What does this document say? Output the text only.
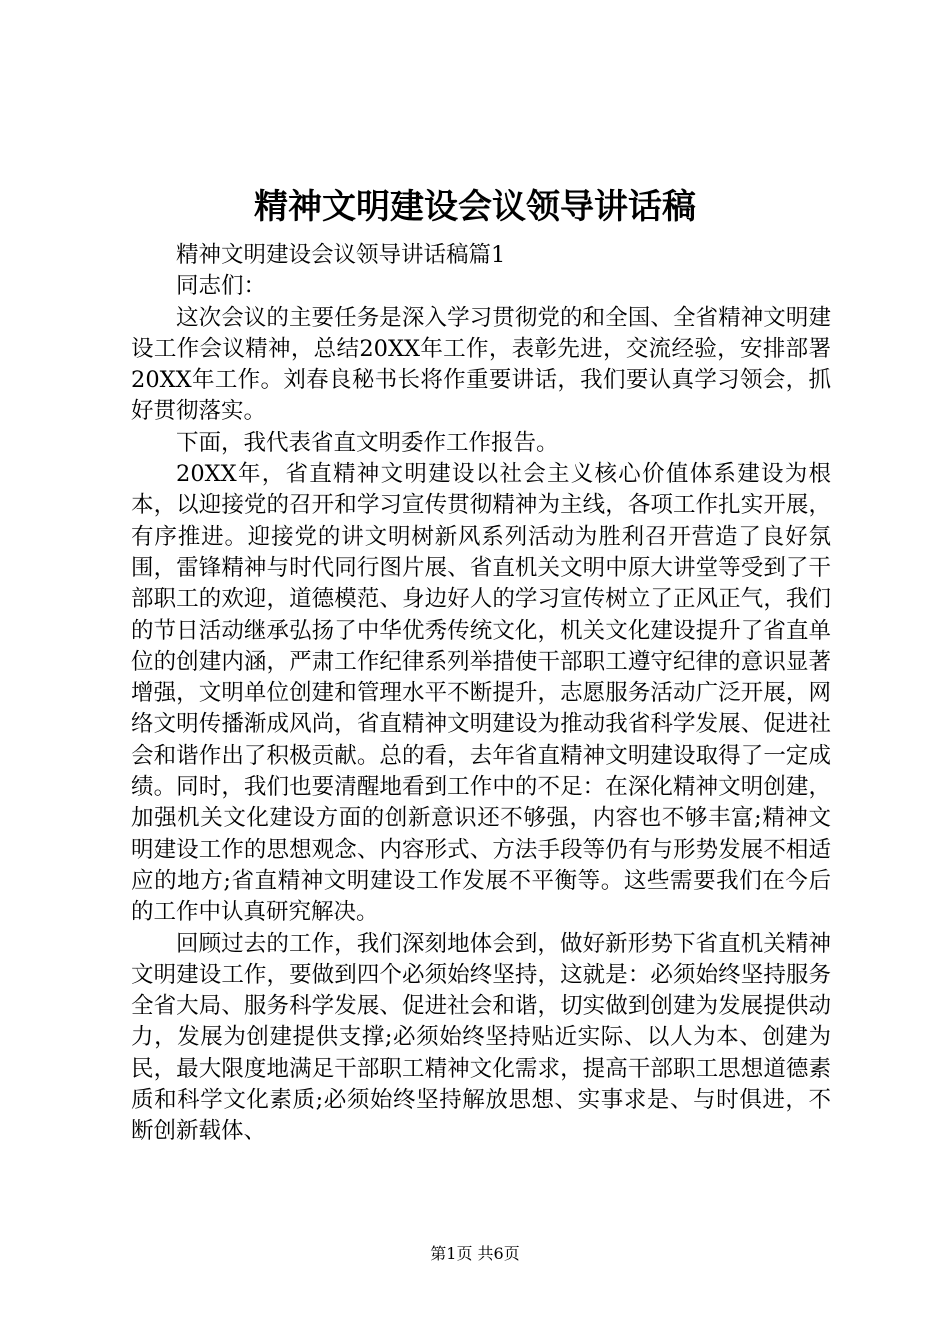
精神文明建设会议领导讲话稿

精神文明建设会议领导讲话稿篇1

同志们：

这次会议的主要任务是深入学习贯彻党的和全国、全省精神文明建设工作会议精神，总结20XX年工作，表彰先进，交流经验，安排部署20XX年工作。刘春良秘书长将作重要讲话，我们要认真学习领会，抓好贯彻落实。

下面，我代表省直文明委作工作报告。

20XX年，省直精神文明建设以社会主义核心价值体系建设为根本，以迎接党的召开和学习宣传贯彻精神为主线，各项工作扎实开展，有序推进。迎接党的讲文明树新风系列活动为胜利召开营造了良好氛围，雷锋精神与时代同行图片展、省直机关文明中原大讲堂等受到了干部职工的欢迎，道德模范、身边好人的学习宣传树立了正风正气，我们的节日活动继承弘扬了中华优秀传统文化，机关文化建设提升了省直单位的创建内涵，严肃工作纪律系列举措使干部职工遵守纪律的意识显著增强，文明单位创建和管理水平不断提升，志愿服务活动广泛开展，网络文明传播渐成风尚，省直精神文明建设为推动我省科学发展、促进社会和谐作出了积极贡献。总的看，去年省直精神文明建设取得了一定成绩。同时，我们也要清醒地看到工作中的不足：在深化精神文明创建，加强机关文化建设方面的创新意识还不够强，内容也不够丰富;精神文明建设工作的思想观念、内容形式、方法手段等仍有与形势发展不相适应的地方;省直精神文明建设工作发展不平衡等。这些需要我们在今后的工作中认真研究解决。

回顾过去的工作，我们深刻地体会到，做好新形势下省直机关精神文明建设工作，要做到四个必须始终坚持，这就是：必须始终坚持服务全省大局、服务科学发展、促进社会和谐，切实做到创建为发展提供动力，发展为创建提供支撑;必须始终坚持贴近实际、以人为本、创建为民，最大限度地满足干部职工精神文化需求，提高干部职工思想道德素质和科学文化素质;必须始终坚持解放思想、实事求是、与时俱进，不断创新载体、

第1页 共6页
